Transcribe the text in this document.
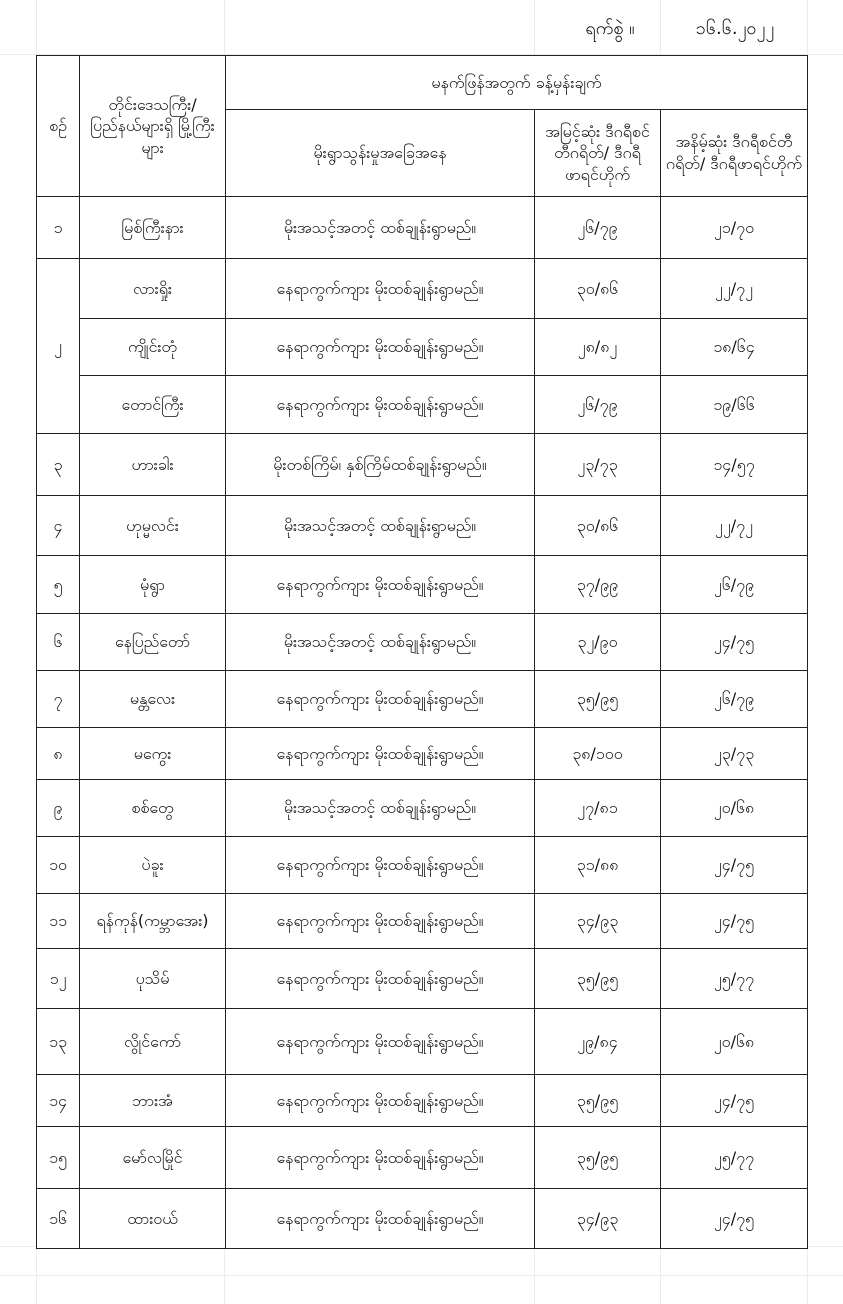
ရက်စွဲ ။	၁၆.၆.၂၀၂၂
စဉ်	တိုင်းဒေသကြီး/ ပြည်နယ်များရှိ မြို့ကြီးများ	မနက်ဖြန်အတွက် ခန့်မှန်းချက်		
		မိုးရွာသွန်းမှုအခြေအနေ	အမြင့်ဆုံး ဒီဂရီစင်တီဂရိတ်/ ဒီဂရီဖာရင်ဟိုက်	အနိမ့်ဆုံး ဒီဂရီစင်တီဂရိတ်/ ဒီဂရီဖာရင်ဟိုက်
၁	မြစ်ကြီးနား	မိုးအသင့်အတင့် ထစ်ချုန်းရွာမည်။	၂၆/၇၉	၂၁/၇၀
၂	လားရှိုး	နေရာကွက်ကျား မိုးထစ်ချုန်းရွာမည်။	၃၀/၈၆	၂၂/၇၂
	ကျိုင်းတုံ	နေရာကွက်ကျား မိုးထစ်ချုန်းရွာမည်။	၂၈/၈၂	၁၈/၆၄
	တောင်ကြီး	နေရာကွက်ကျား မိုးထစ်ချုန်းရွာမည်။	၂၆/၇၉	၁၉/၆၆
၃	ဟားခါး	မိုးတစ်ကြိမ်၊ နှစ်ကြိမ်ထစ်ချုန်းရွာမည်။	၂၃/၇၃	၁၄/၅၇
၄	ဟုမ္မလင်း	မိုးအသင့်အတင့် ထစ်ချုန်းရွာမည်။	၃၀/၈၆	၂၂/၇၂
၅	မုံရွာ	နေရာကွက်ကျား မိုးထစ်ချုန်းရွာမည်။	၃၇/၉၉	၂၆/၇၉
၆	နေပြည်တော်	မိုးအသင့်အတင့် ထစ်ချုန်းရွာမည်။	၃၂/၉၀	၂၄/၇၅
၇	မန္တလေး	နေရာကွက်ကျား မိုးထစ်ချုန်းရွာမည်။	၃၅/၉၅	၂၆/၇၉
၈	မကွေး	နေရာကွက်ကျား မိုးထစ်ချုန်းရွာမည်။	၃၈/၁၀၀	၂၃/၇၃
၉	စစ်တွေ	မိုးအသင့်အတင့် ထစ်ချုန်းရွာမည်။	၂၇/၈၁	၂၀/၆၈
၁၀	ပဲခူး	နေရာကွက်ကျား မိုးထစ်ချုန်းရွာမည်။	၃၁/၈၈	၂၄/၇၅
၁၁	ရန်ကုန်(ကမ္ဘာအေး)	နေရာကွက်ကျား မိုးထစ်ချုန်းရွာမည်။	၃၄/၉၃	၂၄/၇၅
၁၂	ပုသိမ်	နေရာကွက်ကျား မိုးထစ်ချုန်းရွာမည်။	၃၅/၉၅	၂၅/၇၇
၁၃	လွိုင်ကော်	နေရာကွက်ကျား မိုးထစ်ချုန်းရွာမည်။	၂၉/၈၄	၂၀/၆၈
၁၄	ဘားအံ	နေရာကွက်ကျား မိုးထစ်ချုန်းရွာမည်။	၃၅/၉၅	၂၄/၇၅
၁၅	မော်လမြိုင်	နေရာကွက်ကျား မိုးထစ်ချုန်းရွာမည်။	၃၅/၉၅	၂၅/၇၇
၁၆	ထားဝယ်	နေရာကွက်ကျား မိုးထစ်ချုန်းရွာမည်။	၃၄/၉၃	၂၄/၇၅
